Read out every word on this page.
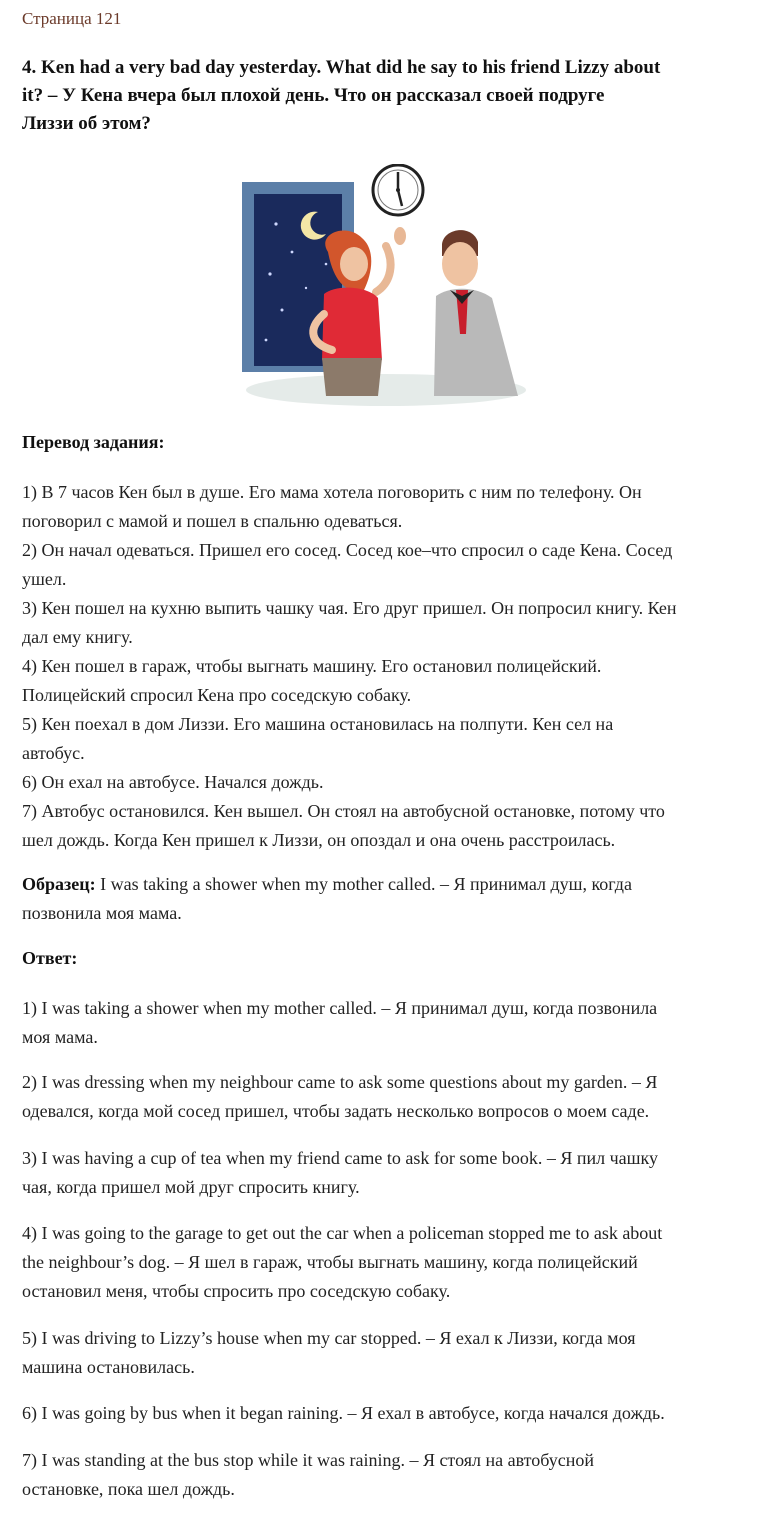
Страница 121
4. Ken had a very bad day yesterday. What did he say to his friend Lizzy about
it? – У Кена вчера был плохой день. Что он рассказал своей подруге
Лиззи об этом?
Перевод задания:
1) В 7 часов Кен был в душе. Его мама хотела поговорить с ним по телефону. Он
поговорил с мамой и пошел в спальню одеваться.
2) Он начал одеваться. Пришел его сосед. Сосед кое–что спросил о саде Кена. Сосед
ушел.
3) Кен пошел на кухню выпить чашку чая. Его друг пришел. Он попросил книгу. Кен
дал ему книгу.
4) Кен пошел в гараж, чтобы выгнать машину. Его остановил полицейский.
Полицейский спросил Кена про соседскую собаку.
5) Кен поехал в дом Лиззи. Его машина остановилась на полпути. Кен сел на
автобус.
6) Он ехал на автобусе. Начался дождь.
7) Автобус остановился. Кен вышел. Он стоял на автобусной остановке, потому что
шел дождь. Когда Кен пришел к Лиззи, он опоздал и она очень расстроилась.
Образец: I was taking a shower when my mother called. – Я принимал душ, когда
позвонила моя мама.
Ответ:
1) I was taking a shower when my mother called. – Я принимал душ, когда позвонила
моя мама.
2) I was dressing when my neighbour came to ask some questions about my garden. – Я
одевался, когда мой сосед пришел, чтобы задать несколько вопросов о моем саде.
3) I was having a cup of tea when my friend came to ask for some book. – Я пил чашку
чая, когда пришел мой друг спросить книгу.
4) I was going to the garage to get out the car when a policeman stopped me to ask about
the neighbour’s dog. – Я шел в гараж, чтобы выгнать машину, когда полицейский
остановил меня, чтобы спросить про соседскую собаку.
5) I was driving to Lizzy’s house when my car stopped. – Я ехал к Лиззи, когда моя
машина остановилась.
6) I was going by bus when it began raining. – Я ехал в автобусе, когда начался дождь.
7) I was standing at the bus stop while it was raining. – Я стоял на автобусной
остановке, пока шел дождь.
